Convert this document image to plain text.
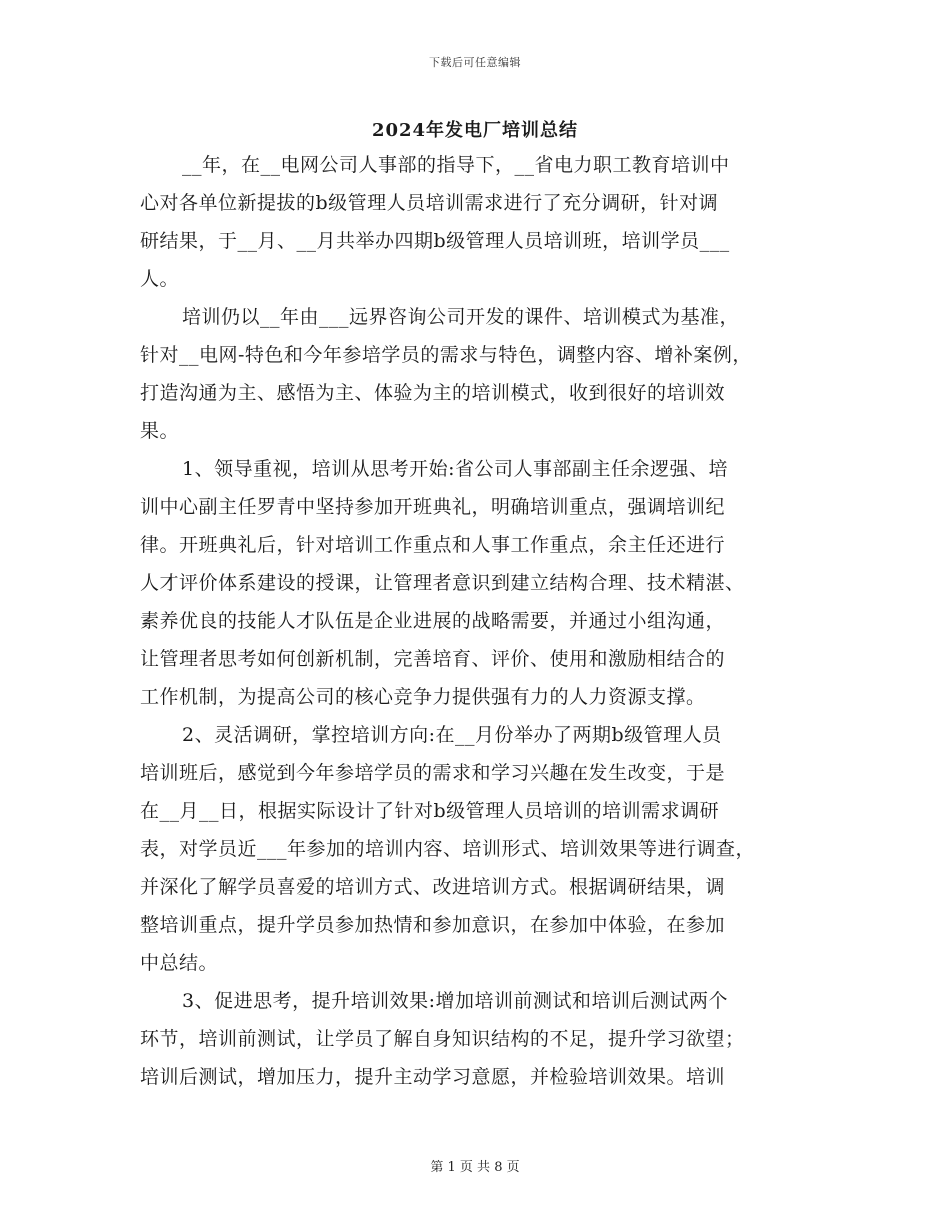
下载后可任意编辑
2024年发电厂培训总结
__年，在__电网公司人事部的指导下，__省电力职工教育培训中
心对各单位新提拔的b级管理人员培训需求进行了充分调研，针对调
研结果，于__月、__月共举办四期b级管理人员培训班，培训学员___
人。
培训仍以__年由___远界咨询公司开发的课件、培训模式为基准，
针对__电网-特色和今年参培学员的需求与特色，调整内容、增补案例，
打造沟通为主、感悟为主、体验为主的培训模式，收到很好的培训效
果。
1、领导重视，培训从思考开始:省公司人事部副主任余逻强、培
训中心副主任罗青中坚持参加开班典礼，明确培训重点，强调培训纪
律。开班典礼后，针对培训工作重点和人事工作重点，余主任还进行
人才评价体系建设的授课，让管理者意识到建立结构合理、技术精湛、
素养优良的技能人才队伍是企业进展的战略需要，并通过小组沟通，
让管理者思考如何创新机制，完善培育、评价、使用和激励相结合的
工作机制，为提高公司的核心竞争力提供强有力的人力资源支撑。
2、灵活调研，掌控培训方向:在__月份举办了两期b级管理人员
培训班后，感觉到今年参培学员的需求和学习兴趣在发生改变，于是
在__月__日，根据实际设计了针对b级管理人员培训的培训需求调研
表，对学员近___年参加的培训内容、培训形式、培训效果等进行调查，
并深化了解学员喜爱的培训方式、改进培训方式。根据调研结果，调
整培训重点，提升学员参加热情和参加意识，在参加中体验，在参加
中总结。
3、促进思考，提升培训效果:增加培训前测试和培训后测试两个
环节，培训前测试，让学员了解自身知识结构的不足，提升学习欲望；
培训后测试，增加压力，提升主动学习意愿，并检验培训效果。培训
第 1 页 共 8 页
